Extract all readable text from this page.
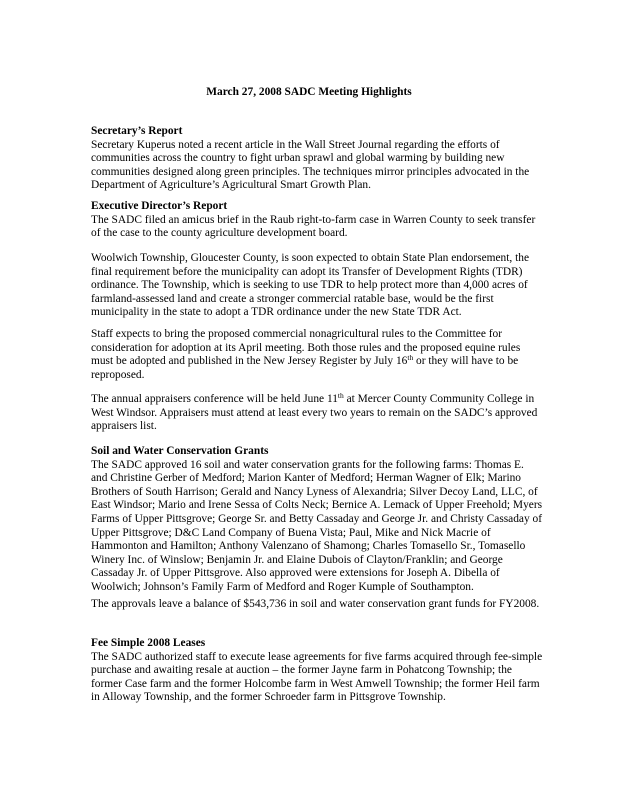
March 27, 2008 SADC Meeting Highlights
Secretary’s Report

Secretary Kuperus noted a recent article in the Wall Street Journal regarding the efforts of communities across the country to fight urban sprawl and global warming by building new communities designed along green principles. The techniques mirror principles advocated in the Department of Agriculture’s Agricultural Smart Growth Plan.

Executive Director’s Report

The SADC filed an amicus brief in the Raub right-to-farm case in Warren County to seek transfer of the case to the county agriculture development board.

Woolwich Township, Gloucester County, is soon expected to obtain State Plan endorsement, the final requirement before the municipality can adopt its Transfer of Development Rights (TDR) ordinance. The Township, which is seeking to use TDR to help protect more than 4,000 acres of farmland-assessed land and create a stronger commercial ratable base, would be the first municipality in the state to adopt a TDR ordinance under the new State TDR Act.

Staff expects to bring the proposed commercial nonagricultural rules to the Committee for consideration for adoption at its April meeting. Both those rules and the proposed equine rules must be adopted and published in the New Jersey Register by July 16th or they will have to be reproposed.

The annual appraisers conference will be held June 11th at Mercer County Community College in West Windsor. Appraisers must attend at least every two years to remain on the SADC’s approved appraisers list.

Soil and Water Conservation Grants

The SADC approved 16 soil and water conservation grants for the following farms: Thomas E. and Christine Gerber of Medford; Marion Kanter of Medford; Herman Wagner of Elk; Marino Brothers of South Harrison; Gerald and Nancy Lyness of Alexandria; Silver Decoy Land, LLC, of East Windsor; Mario and Irene Sessa of Colts Neck; Bernice A. Lemack of Upper Freehold; Myers Farms of Upper Pittsgrove; George Sr. and Betty Cassaday and George Jr. and Christy Cassaday of Upper Pittsgrove; D&C Land Company of Buena Vista; Paul, Mike and Nick Macrie of Hammonton and Hamilton; Anthony Valenzano of Shamong; Charles Tomasello Sr., Tomasello Winery Inc. of Winslow; Benjamin Jr. and Elaine Dubois of Clayton/Franklin; and George Cassaday Jr. of Upper Pittsgrove. Also approved were extensions for Joseph A. Dibella of Woolwich; Johnson’s Family Farm of Medford and Roger Kumple of Southampton.

The approvals leave a balance of $543,736 in soil and water conservation grant funds for FY2008.

Fee Simple 2008 Leases

The SADC authorized staff to execute lease agreements for five farms acquired through fee-simple purchase and awaiting resale at auction – the former Jayne farm in Pohatcong Township; the former Case farm and the former Holcombe farm in West Amwell Township; the former Heil farm in Alloway Township, and the former Schroeder farm in Pittsgrove Township.
